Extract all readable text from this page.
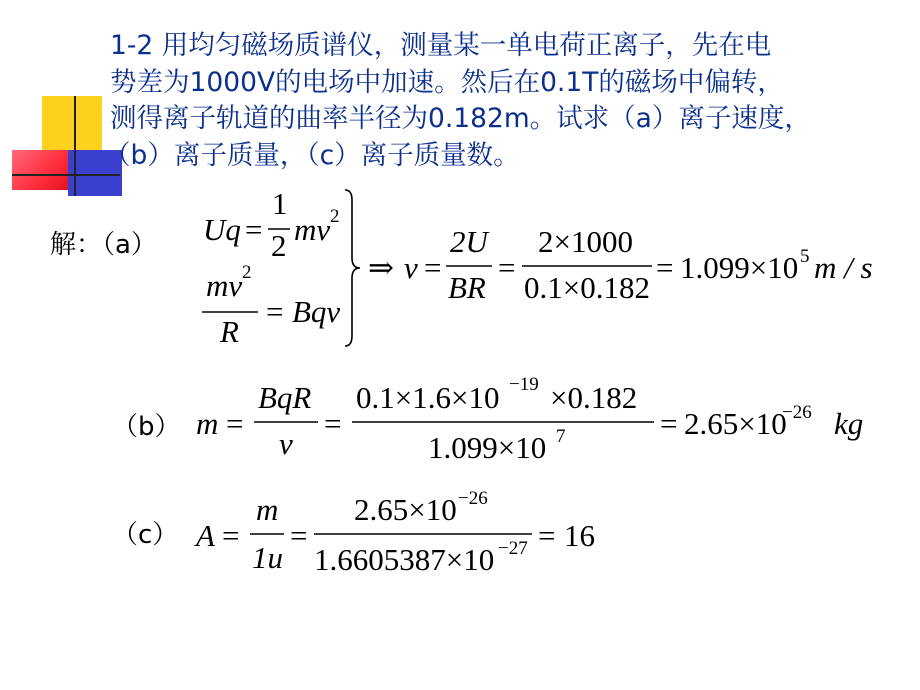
1-2 用均匀磁场质谱仪，测量某一单电荷正离子，先在电
势差为1000V的电场中加速。然后在0.1T的磁场中偏转，
测得离子轨道的曲率半径为0.182m。试求（a）离子速度，
（b）离子质量，（c）离子质量数。
解：（a）
（b）
（c）
Uq =
1
2 mv 2
mv 2
R
= Bqv
⇒ v =
2U
BR
=
2×1000
0.1×0.182
= 1.099×10 5 m / s
m =
BqR
v
=
0.1×1.6×10 −19 ×0.182
1.099×10 7	= 2.65×10
−26 kg
A =
m
1u
=
2.65×10 −26
1.6605387×10 −27 = 16
